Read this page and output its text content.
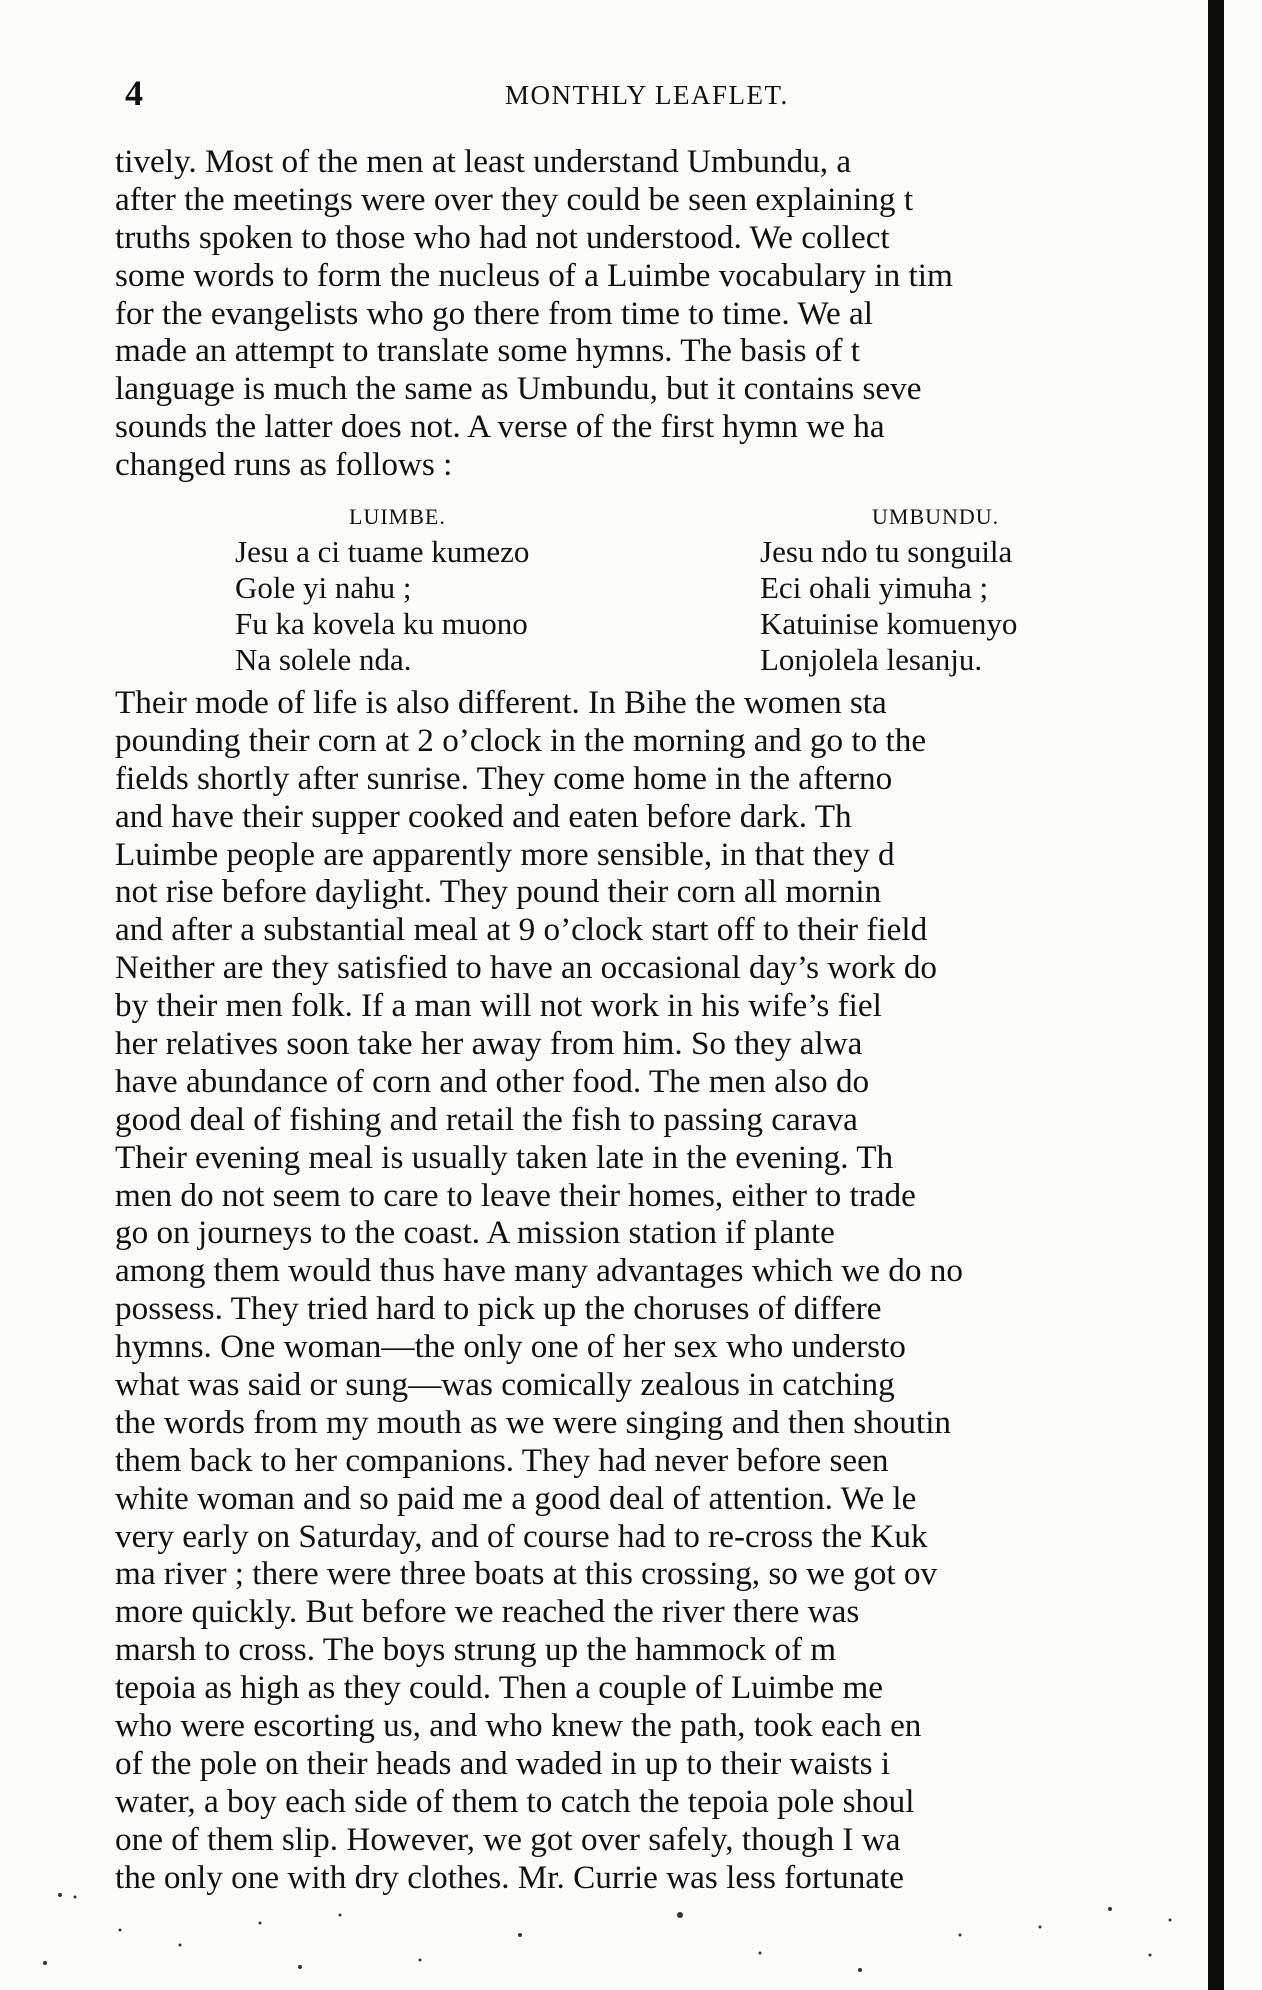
4	MONTHLY LEAFLET.
tively. Most of the men at least understand Umbundu, a
after the meetings were over they could be seen explaining t
truths spoken to those who had not understood. We collect
some words to form the nucleus of a Luimbe vocabulary in tim
for the evangelists who go there from time to time. We al
made an attempt to translate some hymns. The basis of t
language is much the same as Umbundu, but it contains seve
sounds the latter does not. A verse of the first hymn we ha
changed runs as follows :
LUIMBE.
Jesu a ci tuame kumezo
Gole yi nahu ;
Fu ka kovela ku muono
Na solele nda.
UMBUNDU.
Jesu ndo tu songuila
Eci ohali yimuha ;
Katuinise komuenyo
Lonjolela lesanju.
Their mode of life is also different. In Bihe the women sta
pounding their corn at 2 o’clock in the morning and go to the
fields shortly after sunrise. They come home in the afterno
and have their supper cooked and eaten before dark. Th
Luimbe people are apparently more sensible, in that they d
not rise before daylight. They pound their corn all mornin
and after a substantial meal at 9 o’clock start off to their field
Neither are they satisfied to have an occasional day’s work do
by their men folk. If a man will not work in his wife’s fiel
her relatives soon take her away from him. So they alwa
have abundance of corn and other food. The men also do
good deal of fishing and retail the fish to passing carava
Their evening meal is usually taken late in the evening. Th
men do not seem to care to leave their homes, either to trade
go on journeys to the coast. A mission station if plante
among them would thus have many advantages which we do no
possess. They tried hard to pick up the choruses of differe
hymns. One woman—the only one of her sex who understo
what was said or sung—was comically zealous in catching
the words from my mouth as we were singing and then shoutin
them back to her companions. They had never before seen
white woman and so paid me a good deal of attention. We le
very early on Saturday, and of course had to re-cross the Kuk
ma river ; there were three boats at this crossing, so we got ov
more quickly. But before we reached the river there was
marsh to cross. The boys strung up the hammock of m
tepoia as high as they could. Then a couple of Luimbe me
who were escorting us, and who knew the path, took each en
of the pole on their heads and waded in up to their waists i
water, a boy each side of them to catch the tepoia pole shoul
one of them slip. However, we got over safely, though I wa
the only one with dry clothes. Mr. Currie was less fortunate
